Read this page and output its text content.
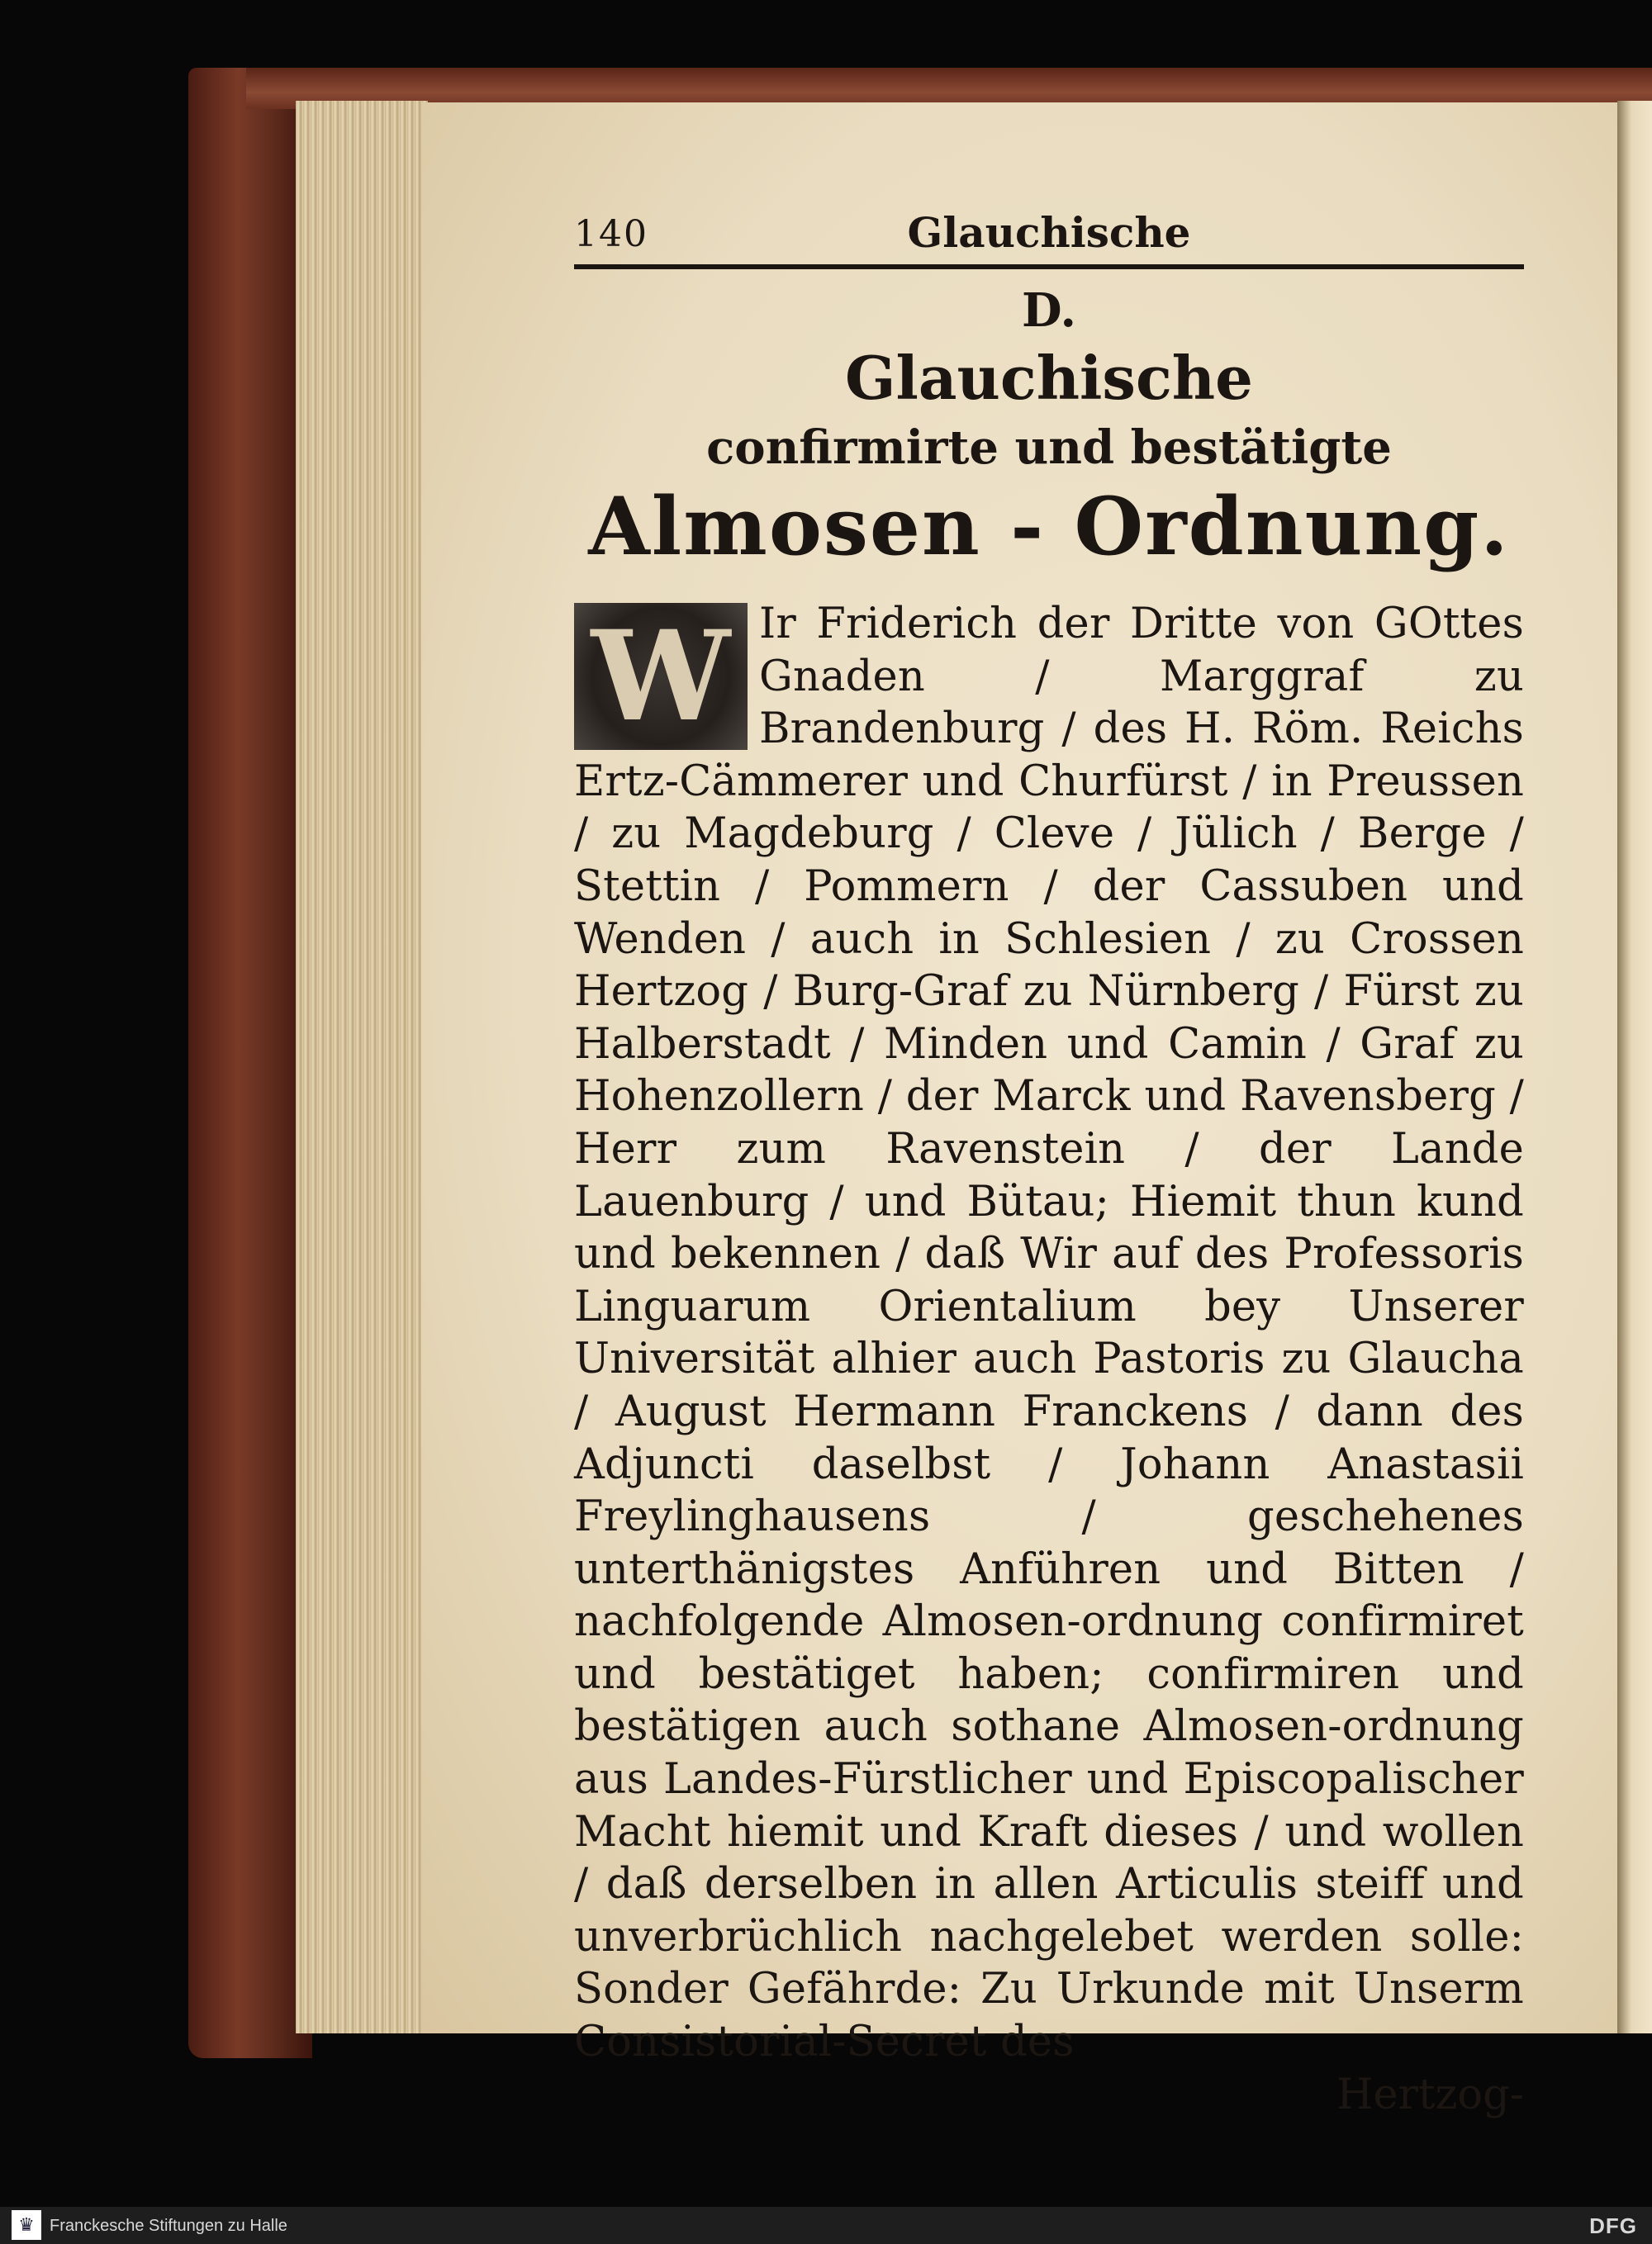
140	Glauchische
D.
Glauchische
confirmirte und bestätigte
Almosen - Ordnung.
W Ir Friderich der Dritte von GOttes Gnaden / Marggraf zu Brandenburg / des H. Röm. Reichs Ertz-Cämmerer und Churfürst / in Preussen / zu Magdeburg / Cleve / Jülich / Berge / Stettin / Pommern / der Cassuben und Wenden / auch in Schlesien / zu Crossen Hertzog / Burg-Graf zu Nürnberg / Fürst zu Halberstadt / Minden und Camin / Graf zu Hohenzollern / der Marck und Ravensberg / Herr zum Ravenstein / der Lande Lauenburg / und Bütau; Hiemit thun kund und bekennen / daß Wir auf des Professoris Linguarum Orientalium bey Unserer Universität alhier auch Pastoris zu Glaucha / August Hermann Franckens / dann des Adjuncti daselbst / Johann Anastasii Freylinghausens / geschehenes unterthänigstes Anführen und Bitten / nachfolgende Almosen-ordnung confirmiret und bestätiget haben; confirmiren und bestätigen auch sothane Almosen-ordnung aus Landes-Fürstlicher und Episcopalischer Macht hiemit und Kraft dieses / und wollen / daß derselben in allen Articulis steiff und unverbrüchlich nachgelebet werden solle: Sonder Gefährde: Zu Urkunde mit Unserm Consistorial-Secret des
Hertzog-
♛ Franckesche Stiftungen zu Halle	DFG
